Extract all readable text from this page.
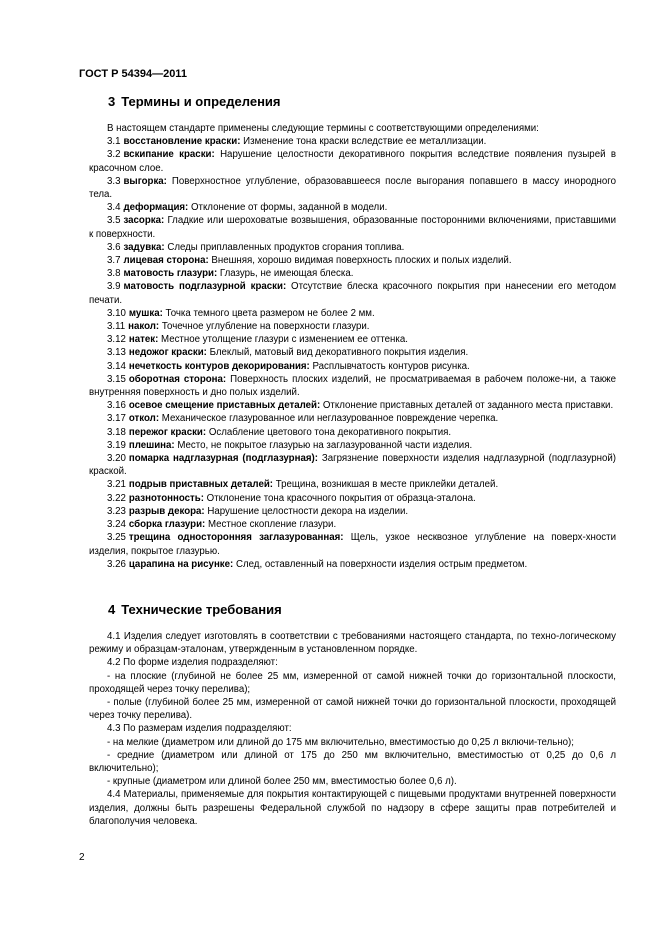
ГОСТ Р 54394—2011
3 Термины и определения

В настоящем стандарте применены следующие термины с соответствующими определениями:

3.1 восстановление краски: Изменение тона краски вследствие ее металлизации.

3.2 вскипание краски: Нарушение целостности декоративного покрытия вследствие появления пузырей в красочном слое.

3.3 выгорка: Поверхностное углубление, образовавшееся после выгорания попавшего в массу инородного тела.

3.4 деформация: Отклонение от формы, заданной в модели.

3.5 засорка: Гладкие или шероховатые возвышения, образованные посторонними включениями, приставшими к поверхности.

3.6 задувка: Следы приплавленных продуктов сгорания топлива.

3.7 лицевая сторона: Внешняя, хорошо видимая поверхность плоских и полых изделий.

3.8 матовость глазури: Глазурь, не имеющая блеска.

3.9 матовость подглазурной краски: Отсутствие блеска красочного покрытия при нанесении его методом печати.

3.10 мушка: Точка темного цвета размером не более 2 мм.

3.11 накол: Точечное углубление на поверхности глазури.

3.12 натек: Местное утолщение глазури с изменением ее оттенка.

3.13 недожог краски: Блеклый, матовый вид декоративного покрытия изделия.

3.14 нечеткость контуров декорирования: Расплывчатость контуров рисунка.

3.15 оборотная сторона: Поверхность плоских изделий, не просматриваемая в рабочем положе-ни, а также внутренняя поверхность и дно полых изделий.

3.16 осевое смещение приставных деталей: Отклонение приставных деталей от заданного места приставки.

3.17 откол: Механическое глазурованное или неглазурованное повреждение черепка.

3.18 пережог краски: Ослабление цветового тона декоративного покрытия.

3.19 плешина: Место, не покрытое глазурью на заглазурованной части изделия.

3.20 помарка надглазурная (подглазурная): Загрязнение поверхности изделия надглазурной (подглазурной) краской.

3.21 подрыв приставных деталей: Трещина, возникшая в месте приклейки деталей.

3.22 разнотонность: Отклонение тона красочного покрытия от образца-эталона.

3.23 разрыв декора: Нарушение целостности декора на изделии.

3.24 сборка глазури: Местное скопление глазури.

3.25 трещина односторонняя заглазурованная: Щель, узкое несквозное углубление на поверх-хности изделия, покрытое глазурью.

3.26 царапина на рисунке: След, оставленный на поверхности изделия острым предметом.

4 Технические требования

4.1 Изделия следует изготовлять в соответствии с требованиями настоящего стандарта, по техно-логическому режиму и образцам-эталонам, утвержденным в установленном порядке.

4.2 По форме изделия подразделяют:

- на плоские (глубиной не более 25 мм, измеренной от самой нижней точки до горизонтальной плоскости, проходящей через точку перелива);

- полые (глубиной более 25 мм, измеренной от самой нижней точки до горизонтальной плоскости, проходящей через точку перелива).

4.3 По размерам изделия подразделяют:

- на мелкие (диаметром или длиной до 175 мм включительно, вместимостью до 0,25 л включи-тельно);

- средние (диаметром или длиной от 175 до 250 мм включительно, вместимостью от 0,25 до 0,6 л включительно);

- крупные (диаметром или длиной более 250 мм, вместимостью более 0,6 л).

4.4 Материалы, применяемые для покрытия контактирующей с пищевыми продуктами внутренней поверхности изделия, должны быть разрешены Федеральной службой по надзору в сфере защиты прав потребителей и благополучия человека.

2
